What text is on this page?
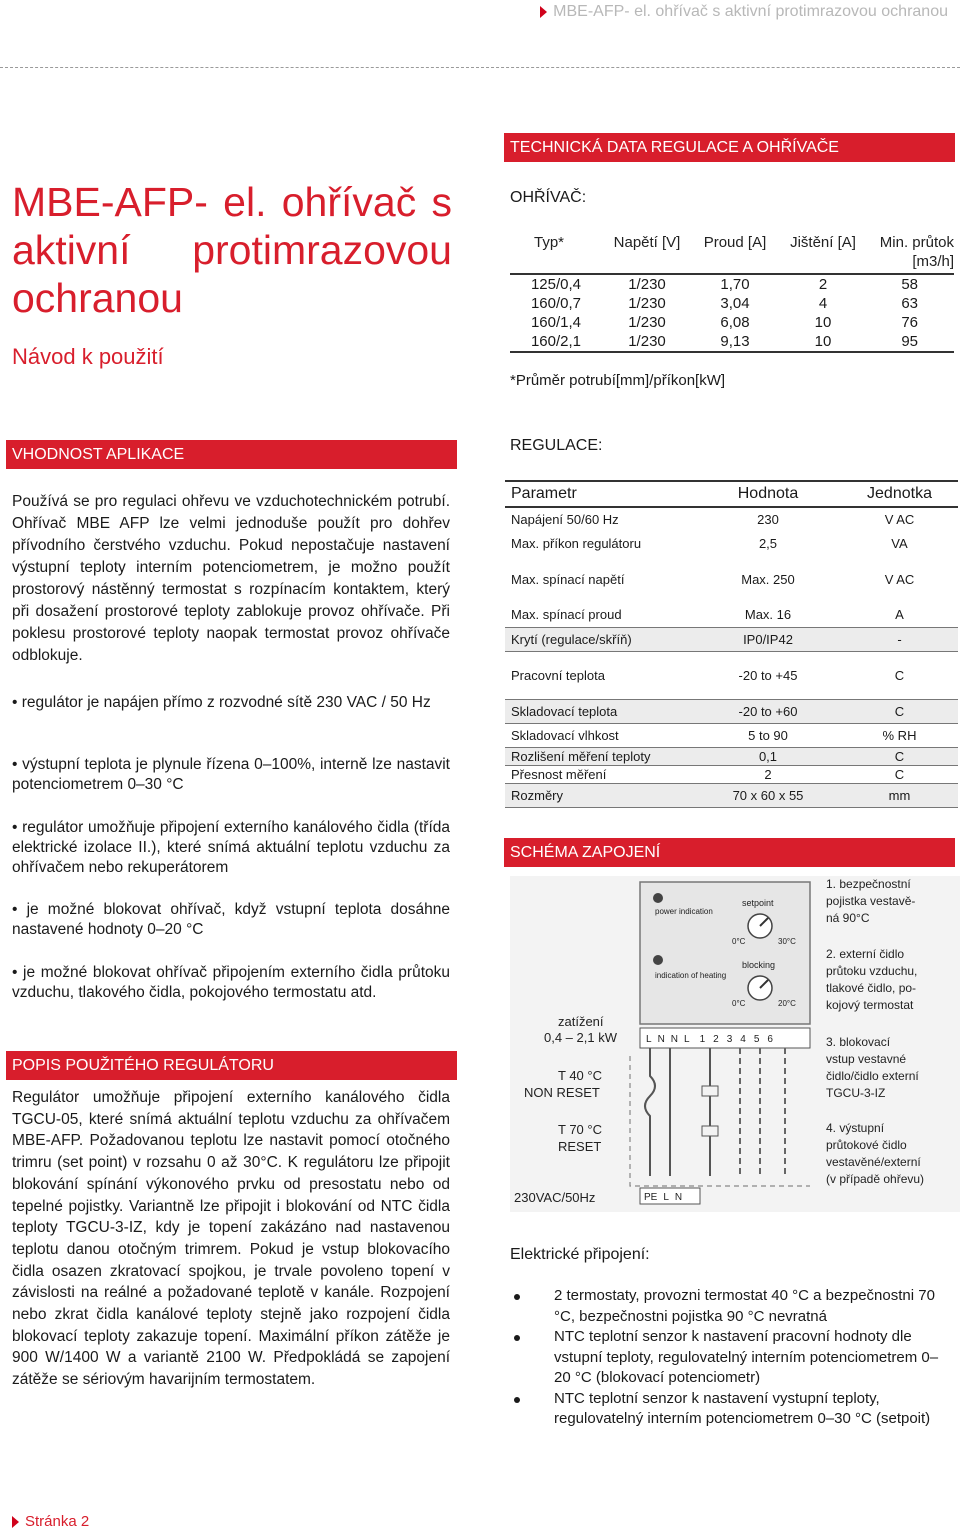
MBE-AFP- el. ohřívač s aktivní protimrazovou ochranou
MBE-AFP- el. ohřívač s aktivní protimrazovou ochranou
Návod k použití
TECHNICKÁ DATA REGULACE A OHŘÍVAČE
OHŘÍVAČ:
Typ*	Napětí [V]	Proud [A]	Jištění [A]	Min. průtok [m3/h]
125/0,4	1/230	1,70	2	58
160/0,7	1/230	3,04	4	63
160/1,4	1/230	6,08	10	76
160/2,1	1/230	9,13	10	95
*Průměr potrubí[mm]/příkon[kW]
REGULACE:
Parametr	Hodnota	Jednotka
Napájení 50/60 Hz	230	V AC
Max. příkon regulátoru	2,5	VA

Max. spínací napětí	Max. 250	V AC

Max. spínací proud	Max. 16	A
Krytí (regulace/skříň)	IP0/IP42	-

Pracovní teplota	-20 to +45	C

Skladovací teplota	-20 to +60	C
Skladovací vlhkost	5 to 90	% RH
Rozlišení měření teploty	0,1	C
Přesnost měření	2	C
Rozměry	70 x 60 x 55	mm
VHODNOST APLIKACE
Používá se pro regulaci ohřevu ve vzduchotechnickém potrubí. Ohřívač MBE AFP lze velmi jednoduše použít pro dohřev přívodního čerstvého vzduchu. Pokud nepostačuje nastavení výstupní teploty interním potenciometrem, je možno použít prostorový nástěnný termostat s rozpínacím kontaktem, který při dosažení prostorové teploty zablokuje provoz ohřívače. Při poklesu prostorové teploty naopak termostat provoz ohřívače odblokuje.
• regulátor je napájen přímo z rozvodné sítě 230 VAC / 50 Hz
• výstupní teplota je plynule řízena 0–100%, interně lze nastavit potenciometrem 0–30 °C
• regulátor umožňuje připojení externího kanálového čidla (třída elektrické izolace II.), které snímá aktuální teplotu vzduchu za ohřívačem nebo rekuperátorem
• je možné blokovat ohřívač, když vstupní teplota dosáhne nastavené hodnoty 0–20 °C
• je možné blokovat ohřívač připojením externího čidla průtoku vzduchu, tlakového čidla, pokojového termostatu atd.
POPIS POUŽITÉHO REGULÁTORU
Regulátor umožňuje připojení externího kanálového čidla TGCU-05, které snímá aktuální teplotu vzduchu za ohřívačem MBE-AFP. Požadovanou teplotu lze nastavit pomocí otočného trimru (set point) v rozsahu 0 až 30°C. K regulátoru lze připojit blokování spínání výkonového prvku od presostatu nebo od tepelné pojistky. Variantně lze připojit i blokování od NTC čidla teploty TGCU-3-IZ, kdy je topení zakázáno nad nastavenou teplotu danou otočným trimrem. Pokud je vstup blokovacího čidla osazen zkratovací spojkou, je trvale povoleno topení v závislosti na reálné a požadované teplotě v kanále. Rozpojení nebo zkrat čidla kanálové teploty stejně jako rozpojení čidla blokovací teploty zakazuje topení. Maximální příkon zátěže je 900 W/1400 W a variantě 2100 W. Předpokládá se zapojení zátěže se sériovým havarijním termostatem.
SCHÉMA ZAPOJENÍ
power indication
indication of heating
setpoint
0°C	30°C
blocking
0°C	20°C
L N N L 1 2 3 4 5 6
zatížení
0,4 – 2,1 kW
T 40 °C
NON RESET
T 70 °C
RESET
PE L N
230VAC/50Hz
1. bezpečnostní pojistka vestavě-ná 90°C
2. externí čidlo průtoku vzduchu, tlakové čidlo, po-kojový termostat
3. blokovací vstup vestavné čidlo/čidlo externí TGCU-3-IZ
4. výstupní průtokové čidlo vestavěné/externí (v případě ohřevu)
Elektrické připojení:
2 termostaty, provozni termostat 40 °C a bezpečnostni 70 °C, bezpečnostni pojistka 90 °C nevratná
NTC teplotní senzor k nastavení pracovní hodnoty dle vstupní teploty, regulovatelný interním potenciometrem 0–20 °C (blokovací potenciometr)
NTC teplotní senzor k nastavení vystupní teploty, regulovatelný interním potenciometrem 0–30 °C (setpoit)
Stránka 2
